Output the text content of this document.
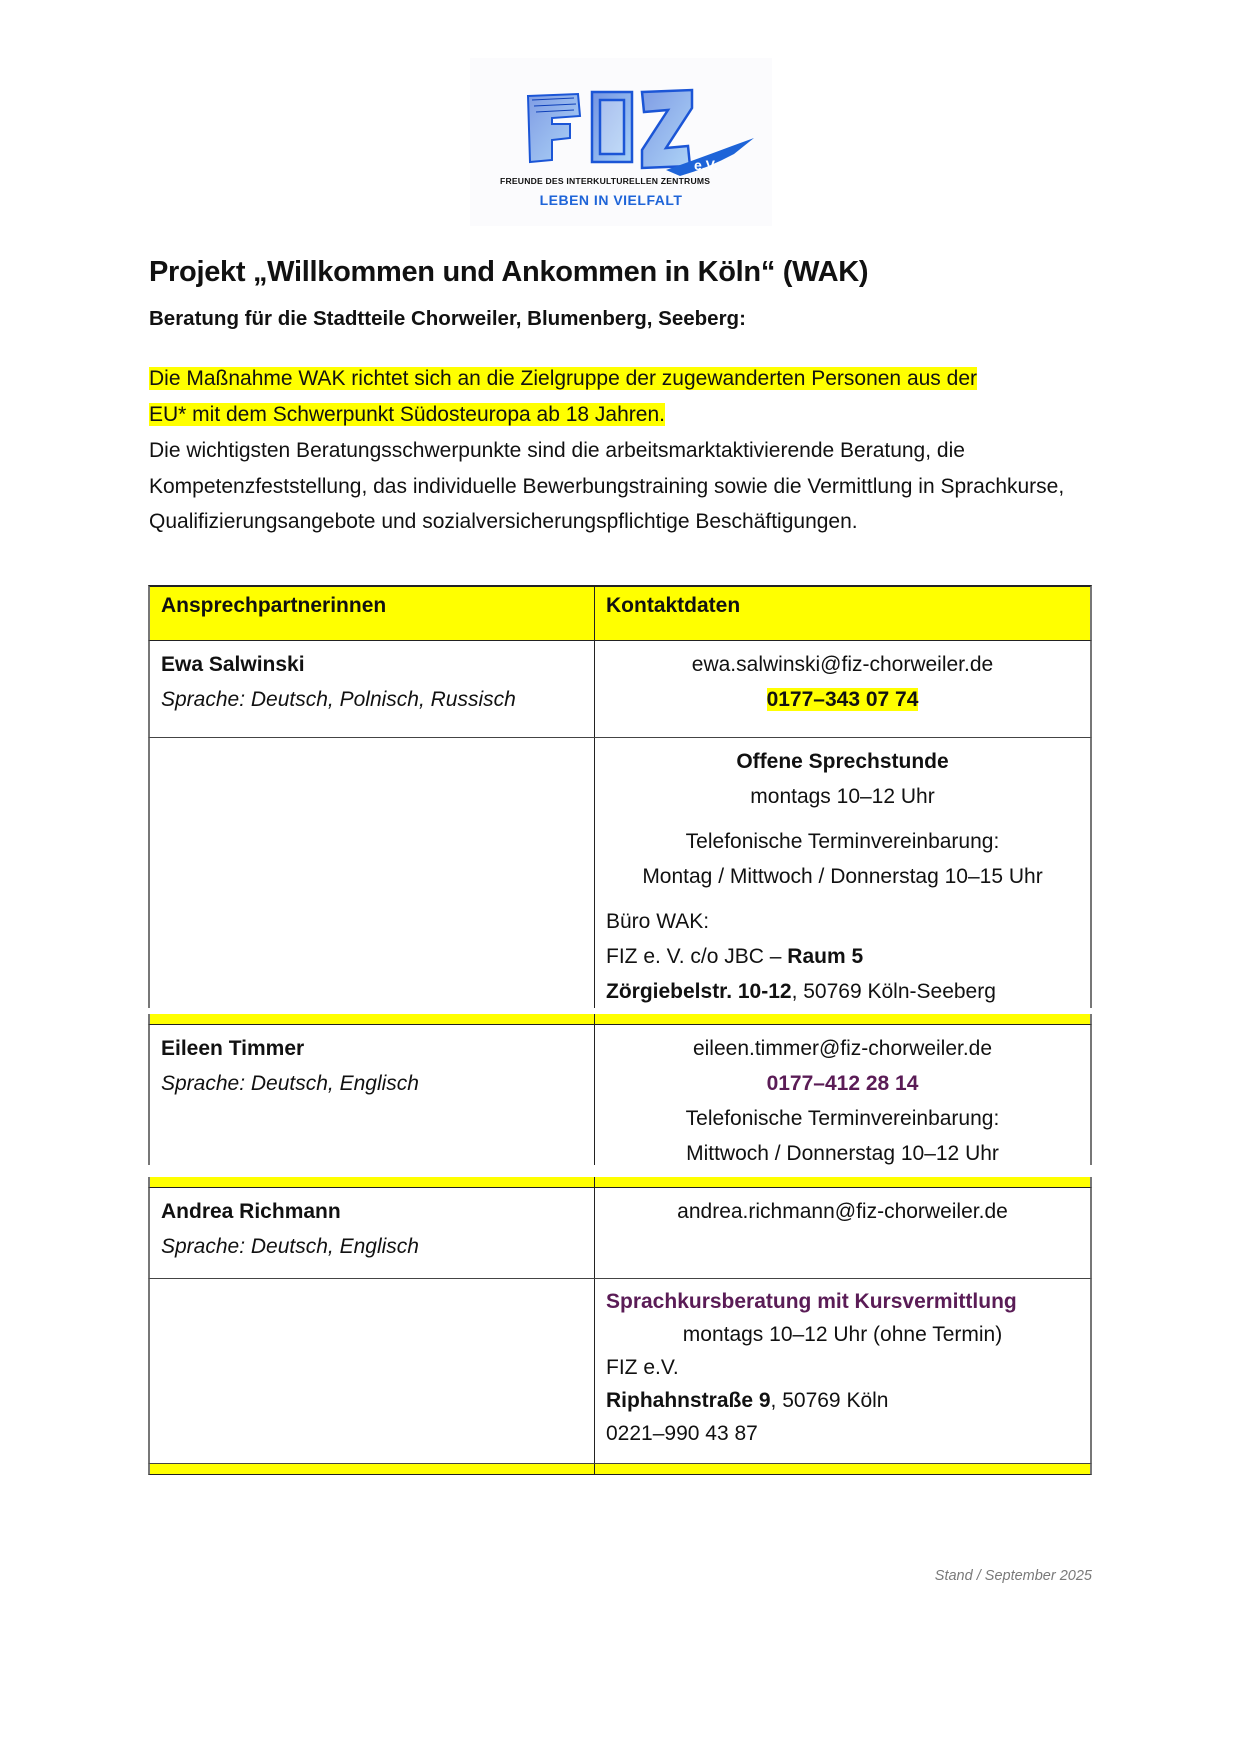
e.V.
FREUNDE DES INTERKULTURELLEN ZENTRUMS
LEBEN IN VIELFALT
Projekt „Willkommen und Ankommen in Köln“ (WAK)
Beratung für die Stadtteile Chorweiler, Blumenberg, Seeberg:
Die Maßnahme WAK richtet sich an die Zielgruppe der zugewanderten Personen aus der
EU* mit dem Schwerpunkt Südosteuropa ab 18 Jahren.
Die wichtigsten Beratungsschwerpunkte sind die arbeitsmarktaktivierende Beratung, die Kompetenzfeststellung, das individuelle Bewerbungstraining sowie die Vermittlung in Sprachkurse, Qualifizierungsangebote und sozialversicherungspflichtige Beschäftigungen.
Ansprechpartnerinnen	Kontaktdaten
Ewa Salwinski
Sprache: Deutsch, Polnisch, Russisch
ewa.salwinski@fiz-chorweiler.de
0177–343 07 74
Offene Sprechstunde
montags 10–12 Uhr
Telefonische Terminvereinbarung:
Montag / Mittwoch / Donnerstag 10–15 Uhr
Büro WAK:
FIZ e. V. c/o JBC – Raum 5
Zörgiebelstr. 10-12, 50769 Köln-Seeberg
Eileen Timmer
Sprache: Deutsch, Englisch
eileen.timmer@fiz-chorweiler.de
0177–412 28 14
Telefonische Terminvereinbarung:
Mittwoch / Donnerstag 10–12 Uhr
Andrea Richmann
Sprache: Deutsch, Englisch
andrea.richmann@fiz-chorweiler.de
Sprachkursberatung mit Kursvermittlung
montags 10–12 Uhr (ohne Termin)
FIZ e.V.
Riphahnstraße 9, 50769 Köln
0221–990 43 87
Stand / September 2025
